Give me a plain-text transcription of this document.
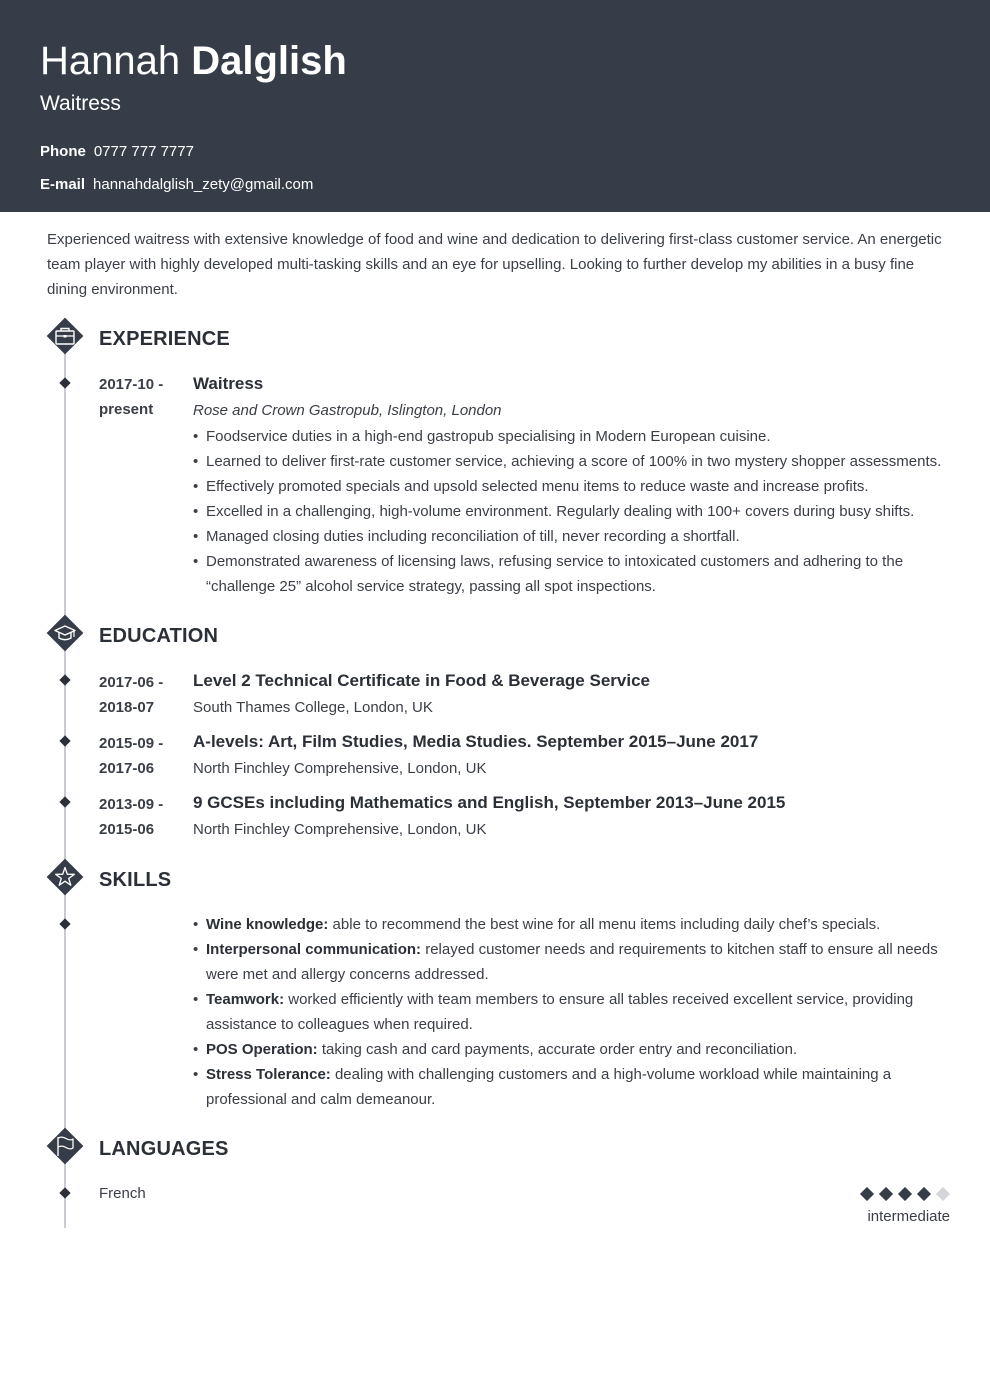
Hannah Dalglish
Waitress
Phone 0777 777 7777
E-mail hannahdalglish_zety@gmail.com
Experienced waitress with extensive knowledge of food and wine and dedication to delivering first-class customer service. An energetic team player with highly developed multi-tasking skills and an eye for upselling. Looking to further develop my abilities in a busy fine dining environment.
EXPERIENCE
2017-10 -
present
Waitress
Rose and Crown Gastropub, Islington, London
• Foodservice duties in a high-end gastropub specialising in Modern European cuisine.
• Learned to deliver first-rate customer service, achieving a score of 100% in two mystery shopper assessments.
• Effectively promoted specials and upsold selected menu items to reduce waste and increase profits.
• Excelled in a challenging, high-volume environment. Regularly dealing with 100+ covers during busy shifts.
• Managed closing duties including reconciliation of till, never recording a shortfall.
• Demonstrated awareness of licensing laws, refusing service to intoxicated customers and adhering to the “challenge 25” alcohol service strategy, passing all spot inspections.
EDUCATION
2017-06 -
2018-07
Level 2 Technical Certificate in Food & Beverage Service
South Thames College, London, UK
2015-09 -
2017-06
A-levels: Art, Film Studies, Media Studies. September 2015–June 2017
North Finchley Comprehensive, London, UK
2013-09 -
2015-06
9 GCSEs including Mathematics and English, September 2013–June 2015
North Finchley Comprehensive, London, UK
SKILLS
• Wine knowledge: able to recommend the best wine for all menu items including daily chef’s specials.
• Interpersonal communication: relayed customer needs and requirements to kitchen staff to ensure all needs were met and allergy concerns addressed.
• Teamwork: worked efficiently with team members to ensure all tables received excellent service, providing assistance to colleagues when required.
• POS Operation: taking cash and card payments, accurate order entry and reconciliation.
• Stress Tolerance: dealing with challenging customers and a high-volume workload while maintaining a professional and calm demeanour.
LANGUAGES
French
intermediate
